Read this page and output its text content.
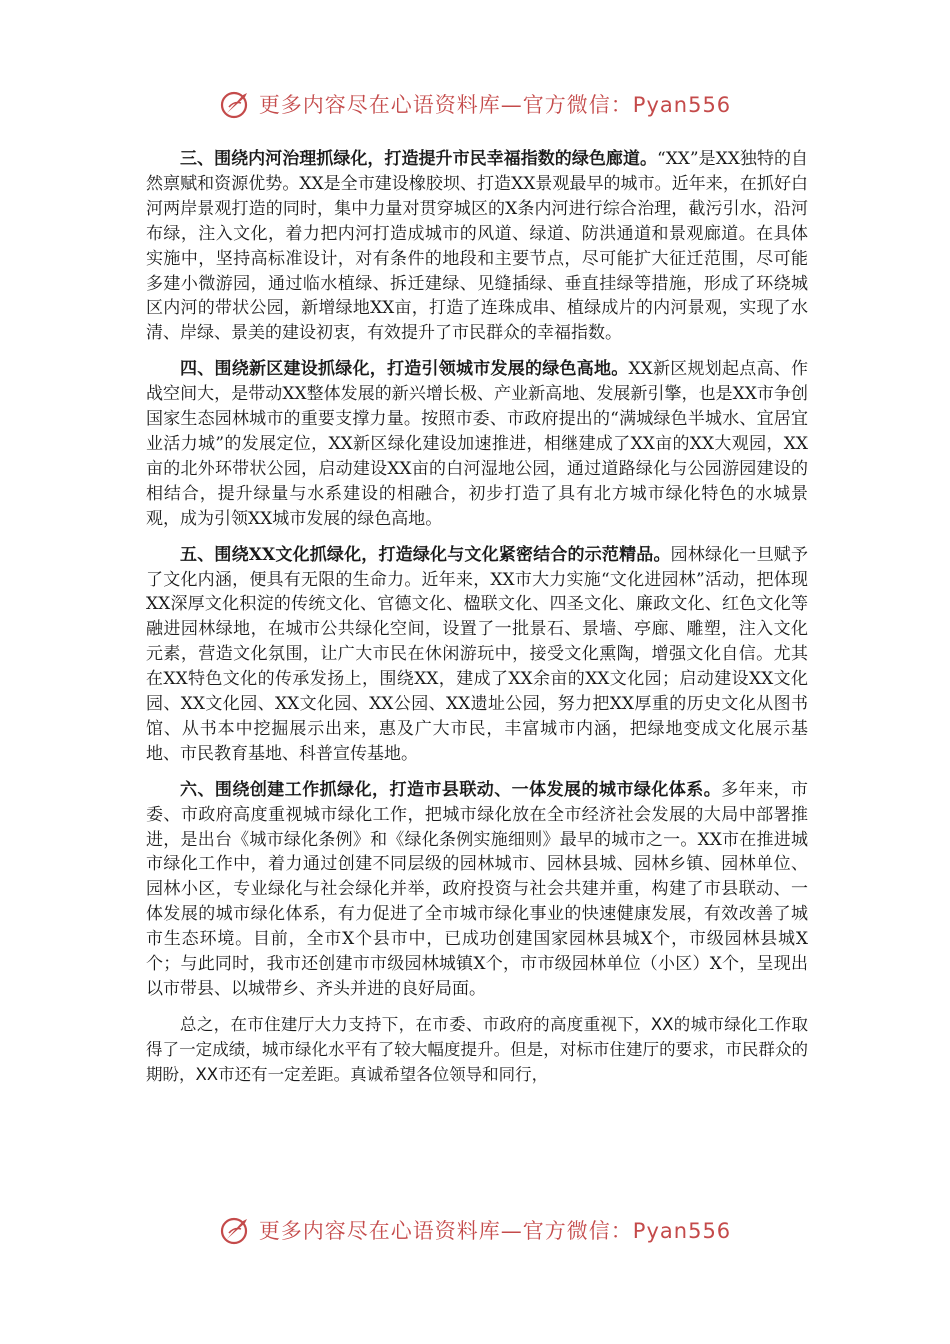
更多内容尽在心语资料库—官方微信：Pyan556

三、围绕内河治理抓绿化，打造提升市民幸福指数的绿色廊道。“XX”是XX独特的自然禀赋和资源优势。XX是全市建设橡胶坝、打造XX景观最早的城市。近年来，在抓好白河两岸景观打造的同时，集中力量对贯穿城区的X条内河进行综合治理，截污引水，沿河布绿，注入文化，着力把内河打造成城市的风道、绿道、防洪通道和景观廊道。在具体实施中，坚持高标准设计，对有条件的地段和主要节点，尽可能扩大征迁范围，尽可能多建小微游园，通过临水植绿、拆迁建绿、见缝插绿、垂直挂绿等措施，形成了环绕城区内河的带状公园，新增绿地XX亩，打造了连珠成串、植绿成片的内河景观，实现了水清、岸绿、景美的建设初衷，有效提升了市民群众的幸福指数。

四、围绕新区建设抓绿化，打造引领城市发展的绿色高地。XX新区规划起点高、作战空间大，是带动XX整体发展的新兴增长极、产业新高地、发展新引擎，也是XX市争创国家生态园林城市的重要支撑力量。按照市委、市政府提出的“满城绿色半城水、宜居宜业活力城”的发展定位，XX新区绿化建设加速推进，相继建成了XX亩的XX大观园，XX亩的北外环带状公园，启动建设XX亩的白河湿地公园，通过道路绿化与公园游园建设的相结合，提升绿量与水系建设的相融合，初步打造了具有北方城市绿化特色的水城景观，成为引领XX城市发展的绿色高地。

五、围绕XX文化抓绿化，打造绿化与文化紧密结合的示范精品。园林绿化一旦赋予了文化内涵，便具有无限的生命力。近年来，XX市大力实施“文化进园林”活动，把体现XX深厚文化积淀的传统文化、官德文化、楹联文化、四圣文化、廉政文化、红色文化等融进园林绿地，在城市公共绿化空间，设置了一批景石、景墙、亭廊、雕塑，注入文化元素，营造文化氛围，让广大市民在休闲游玩中，接受文化熏陶，增强文化自信。尤其在XX特色文化的传承发扬上，围绕XX，建成了XX余亩的XX文化园；启动建设XX文化园、XX文化园、XX文化园、XX公园、XX遗址公园，努力把XX厚重的历史文化从图书馆、从书本中挖掘展示出来，惠及广大市民，丰富城市内涵，把绿地变成文化展示基地、市民教育基地、科普宣传基地。

六、围绕创建工作抓绿化，打造市县联动、一体发展的城市绿化体系。多年来，市委、市政府高度重视城市绿化工作，把城市绿化放在全市经济社会发展的大局中部署推进，是出台《城市绿化条例》和《绿化条例实施细则》最早的城市之一。XX市在推进城市绿化工作中，着力通过创建不同层级的园林城市、园林县城、园林乡镇、园林单位、园林小区，专业绿化与社会绿化并举，政府投资与社会共建并重，构建了市县联动、一体发展的城市绿化体系，有力促进了全市城市绿化事业的快速健康发展，有效改善了城市生态环境。目前，全市X个县市中，已成功创建国家园林县城X个，市级园林县城X个；与此同时，我市还创建市市级园林城镇X个，市市级园林单位（小区）X个，呈现出以市带县、以城带乡、齐头并进的良好局面。

总之，在市住建厅大力支持下，在市委、市政府的高度重视下，XX的城市绿化工作取得了一定成绩，城市绿化水平有了较大幅度提升。但是，对标市住建厅的要求，市民群众的期盼，XX市还有一定差距。真诚希望各位领导和同行，

更多内容尽在心语资料库—官方微信：Pyan556
